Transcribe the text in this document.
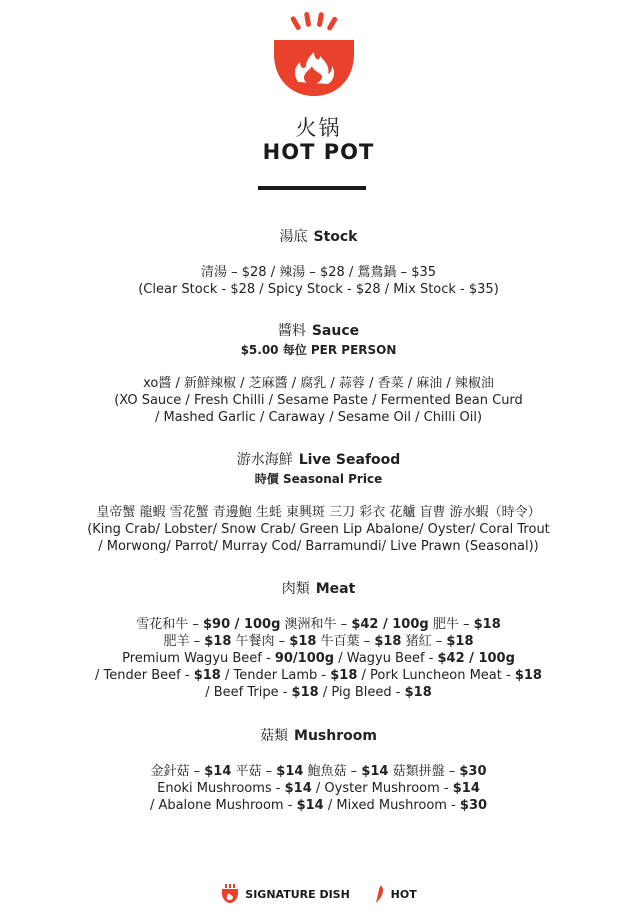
火锅
HOT POT
湯底 Stock
清湯 – $28 / 辣湯 – $28 / 鴛鴦鍋 – $35
(Clear Stock - $28 / Spicy Stock - $28 / Mix Stock - $35)
醬料 Sauce
$5.00 每位 PER PERSON
xo醬 / 新鮮辣椒 / 芝麻醬 / 腐乳 / 蒜蓉 / 香菜 / 麻油 / 辣椒油
(XO Sauce / Fresh Chilli / Sesame Paste / Fermented Bean Curd
/ Mashed Garlic / Caraway / Sesame Oil / Chilli Oil)
游水海鮮 Live Seafood
時價 Seasonal Price
皇帝蟹 龍蝦 雪花蟹 青邊鮑 生蚝 東興斑 三刀 彩衣 花艫 盲曹 游水蝦（時令）
(King Crab/ Lobster/ Snow Crab/ Green Lip Abalone/ Oyster/ Coral Trout
/ Morwong/ Parrot/ Murray Cod/ Barramundi/ Live Prawn (Seasonal))
肉類 Meat
雪花和牛 – $90 / 100g 澳洲和牛 – $42 / 100g 肥牛 – $18
肥羊 – $18 午餐肉 – $18 牛百葉 – $18 猪紅 – $18
Premium Wagyu Beef - 90/100g / Wagyu Beef - $42 / 100g
/ Tender Beef - $18 / Tender Lamb - $18 / Pork Luncheon Meat - $18
/ Beef Tripe - $18 / Pig Bleed - $18
菇類 Mushroom
金針菇 – $14 平菇 – $14 鮑魚菇 – $14 菇類拼盤 – $30
Enoki Mushrooms - $14 / Oyster Mushroom - $14
/ Abalone Mushroom - $14 / Mixed Mushroom - $30
SIGNATURE DISH
	HOT
